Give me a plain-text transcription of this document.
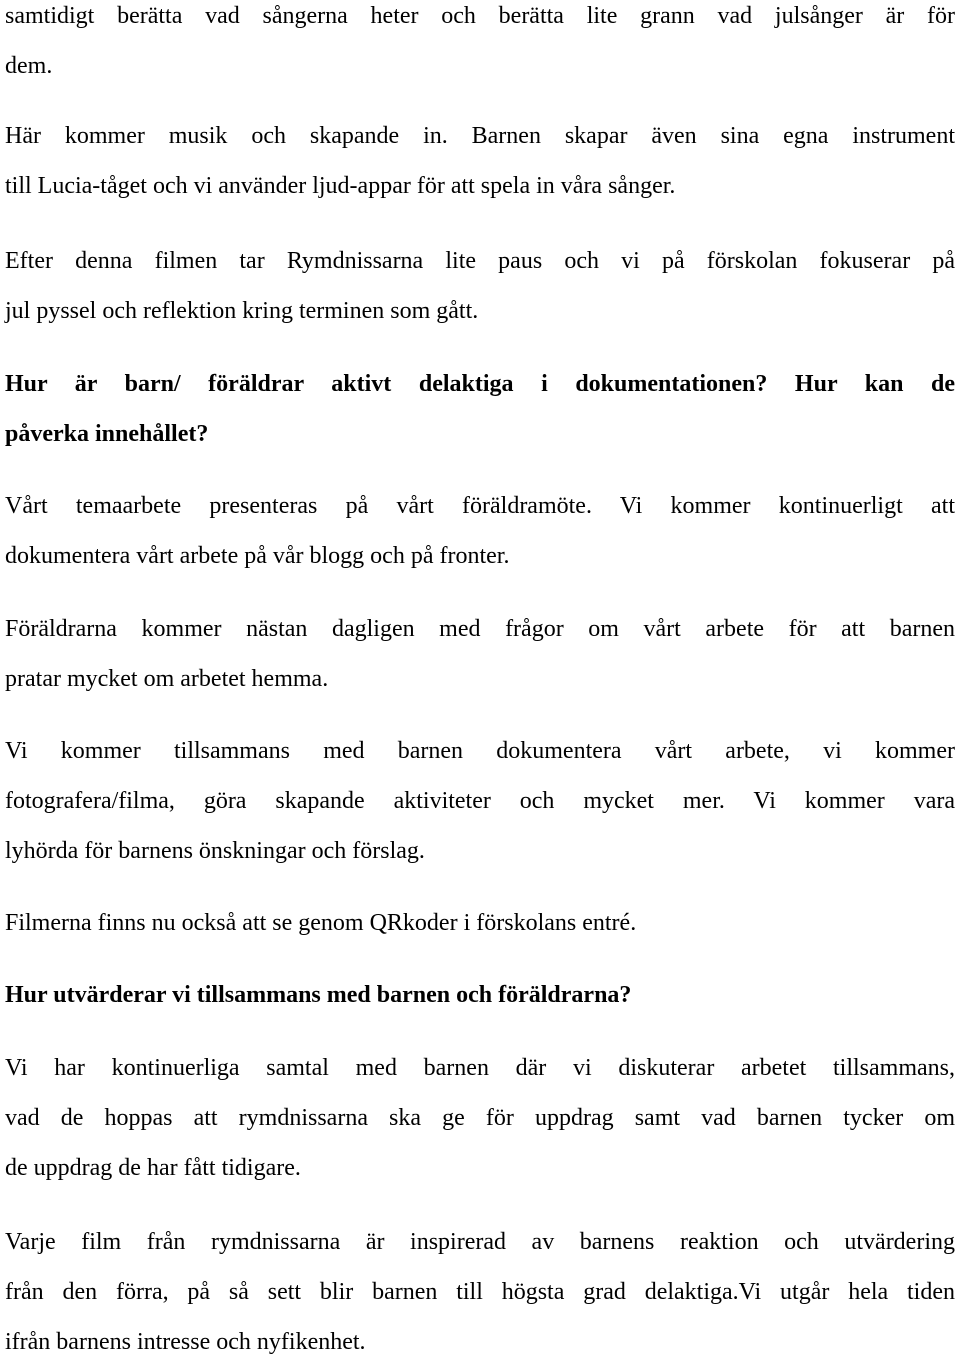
samtidigt berätta vad sångerna heter och berätta lite grann vad julsånger är för
dem.
Här kommer musik och skapande in. Barnen skapar även sina egna instrument
till Lucia-tåget och vi använder ljud-appar för att spela in våra sånger.
Efter denna filmen tar Rymdnissarna lite paus och vi på förskolan fokuserar på
jul pyssel och reflektion kring terminen som gått.
Hur är barn/ föräldrar aktivt delaktiga i dokumentationen? Hur kan de
påverka innehållet?
Vårt temaarbete presenteras på vårt föräldramöte. Vi kommer kontinuerligt att
dokumentera vårt arbete på vår blogg och på fronter.
Föräldrarna kommer nästan dagligen med frågor om vårt arbete för att barnen
pratar mycket om arbetet hemma.
Vi kommer tillsammans med barnen dokumentera vårt arbete, vi kommer
fotografera/filma, göra skapande aktiviteter och mycket mer. Vi kommer vara
lyhörda för barnens önskningar och förslag.
Filmerna finns nu också att se genom QRkoder i förskolans entré.
Hur utvärderar vi tillsammans med barnen och föräldrarna?
Vi har kontinuerliga samtal med barnen där vi diskuterar arbetet tillsammans,
vad de hoppas att rymdnissarna ska ge för uppdrag samt vad barnen tycker om
de uppdrag de har fått tidigare.
Varje film från rymdnissarna är inspirerad av barnens reaktion och utvärdering
från den förra, på så sett blir barnen till högsta grad delaktiga.Vi utgår hela tiden
ifrån barnens intresse och nyfikenhet.
